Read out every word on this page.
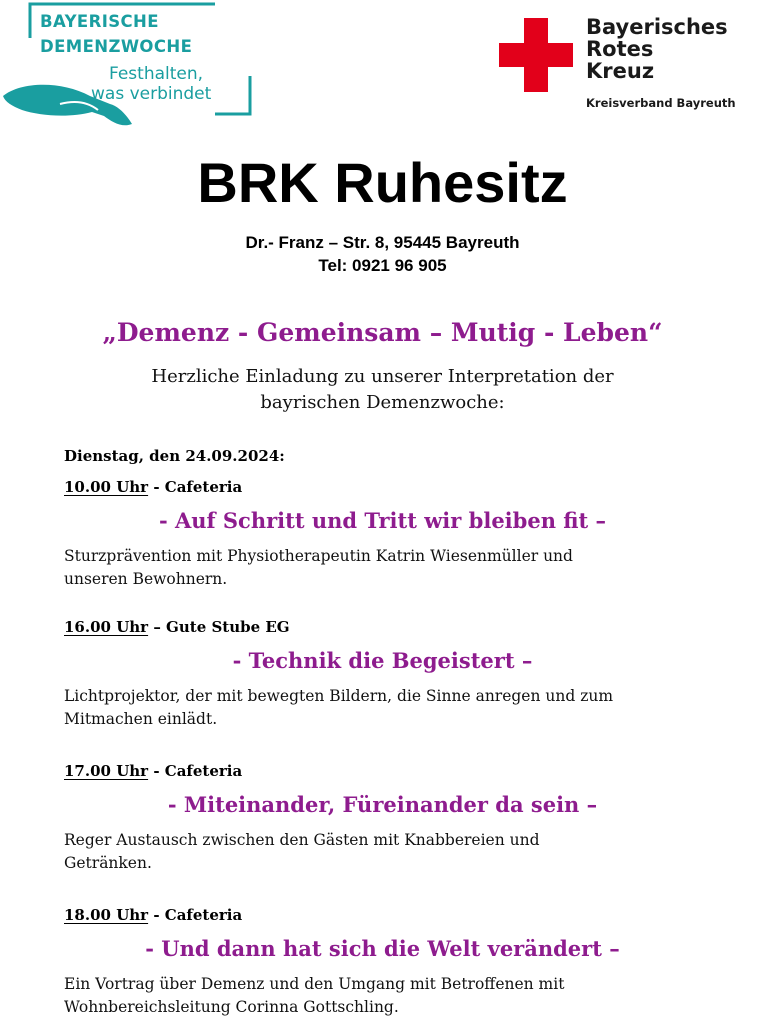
BAYERISCHE
DEMENZWOCHE
Festhalten,
was verbindet
Bayerisches
Rotes
Kreuz
Kreisverband Bayreuth
BRK Ruhesitz
Dr.- Franz – Str. 8, 95445 Bayreuth
Tel: 0921 96 905
„Demenz - Gemeinsam – Mutig - Leben“
Herzliche Einladung zu unserer Interpretation der
bayrischen Demenzwoche:
Dienstag, den 24.09.2024:
10.00 Uhr - Cafeteria
- Auf Schritt und Tritt wir bleiben fit –
Sturzprävention mit Physiotherapeutin Katrin Wiesenmüller und
unseren Bewohnern.
16.00 Uhr – Gute Stube EG
- Technik die Begeistert –
Lichtprojektor, der mit bewegten Bildern, die Sinne anregen und zum
Mitmachen einlädt.
17.00 Uhr - Cafeteria
- Miteinander, Füreinander da sein –
Reger Austausch zwischen den Gästen mit Knabbereien und
Getränken.
18.00 Uhr - Cafeteria
- Und dann hat sich die Welt verändert –
Ein Vortrag über Demenz und den Umgang mit Betroffenen mit
Wohnbereichsleitung Corinna Gottschling.
